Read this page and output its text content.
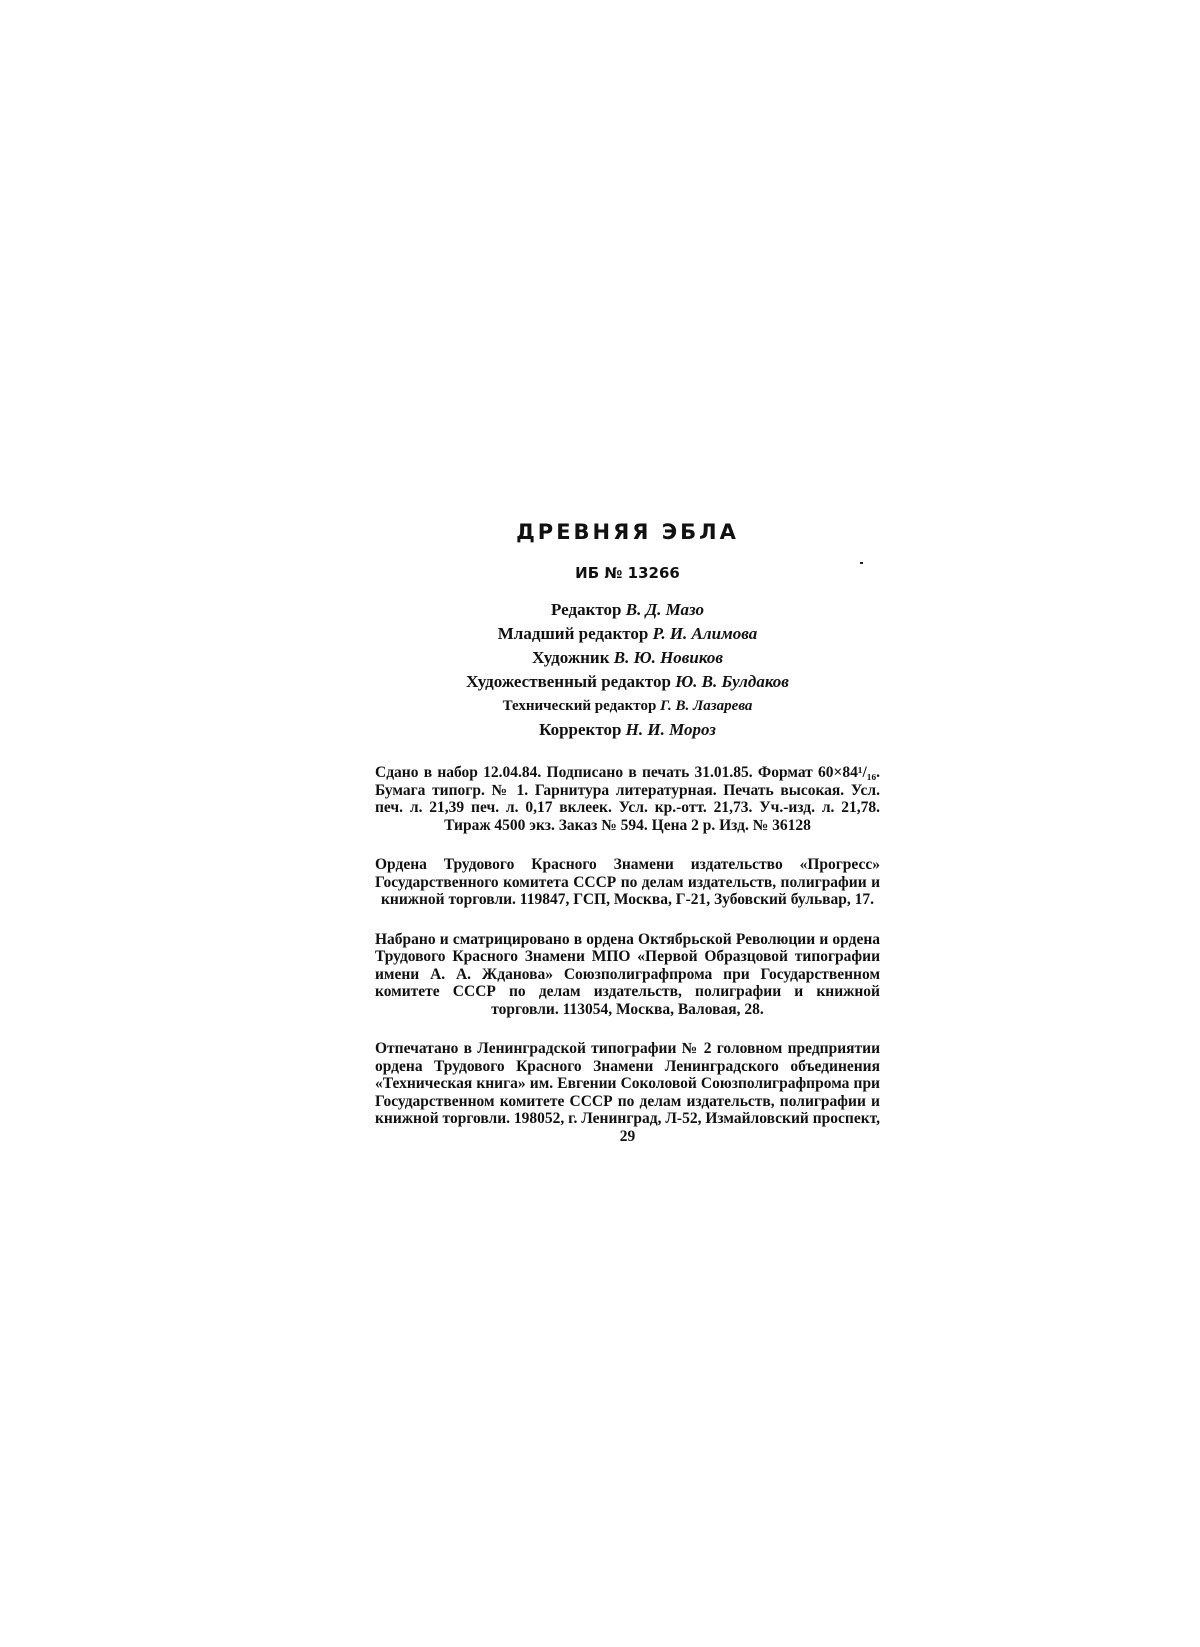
ДРЕВНЯЯ ЭБЛА
ИБ № 13266
Редактор В. Д. Мазо
Младший редактор Р. И. Алимова
Художник В. Ю. Новиков
Художественный редактор Ю. В. Булдаков
Технический редактор Г. В. Лазарева
Корректор Н. И. Мороз

Сдано в набор 12.04.84. Подписано в печать 31.01.85. Формат 60×84¹/₁₆. Бумага типогр. № 1. Гарнитура литературная. Печать высокая. Усл. печ. л. 21,39 печ. л. 0,17 вклеек. Усл. кр.-отт. 21,73. Уч.-изд. л. 21,78. Тираж 4500 экз. Заказ № 594. Цена 2 р. Изд. № 36128

Ордена Трудового Красного Знамени издательство «Прогресс» Государственного комитета СССР по делам издательств, полиграфии и книжной торговли. 119847, ГСП, Москва, Г-21, Зубовский бульвар, 17.

Набрано и сматрицировано в ордена Октябрьской Революции и ордена Трудового Красного Знамени МПО «Первой Образцовой типографии имени А. А. Жданова» Союзполиграфпрома при Государственном комитете СССР по делам издательств, полиграфии и книжной торговли. 113054, Москва, Валовая, 28.

Отпечатано в Ленинградской типографии № 2 головном предприятии ордена Трудового Красного Знамени Ленинградского объединения «Техническая книга» им. Евгении Соколовой Союзполиграфпрома при Государственном комитете СССР по делам издательств, полиграфии и книжной торговли. 198052, г. Ленинград, Л-52, Измайловский проспект, 29
